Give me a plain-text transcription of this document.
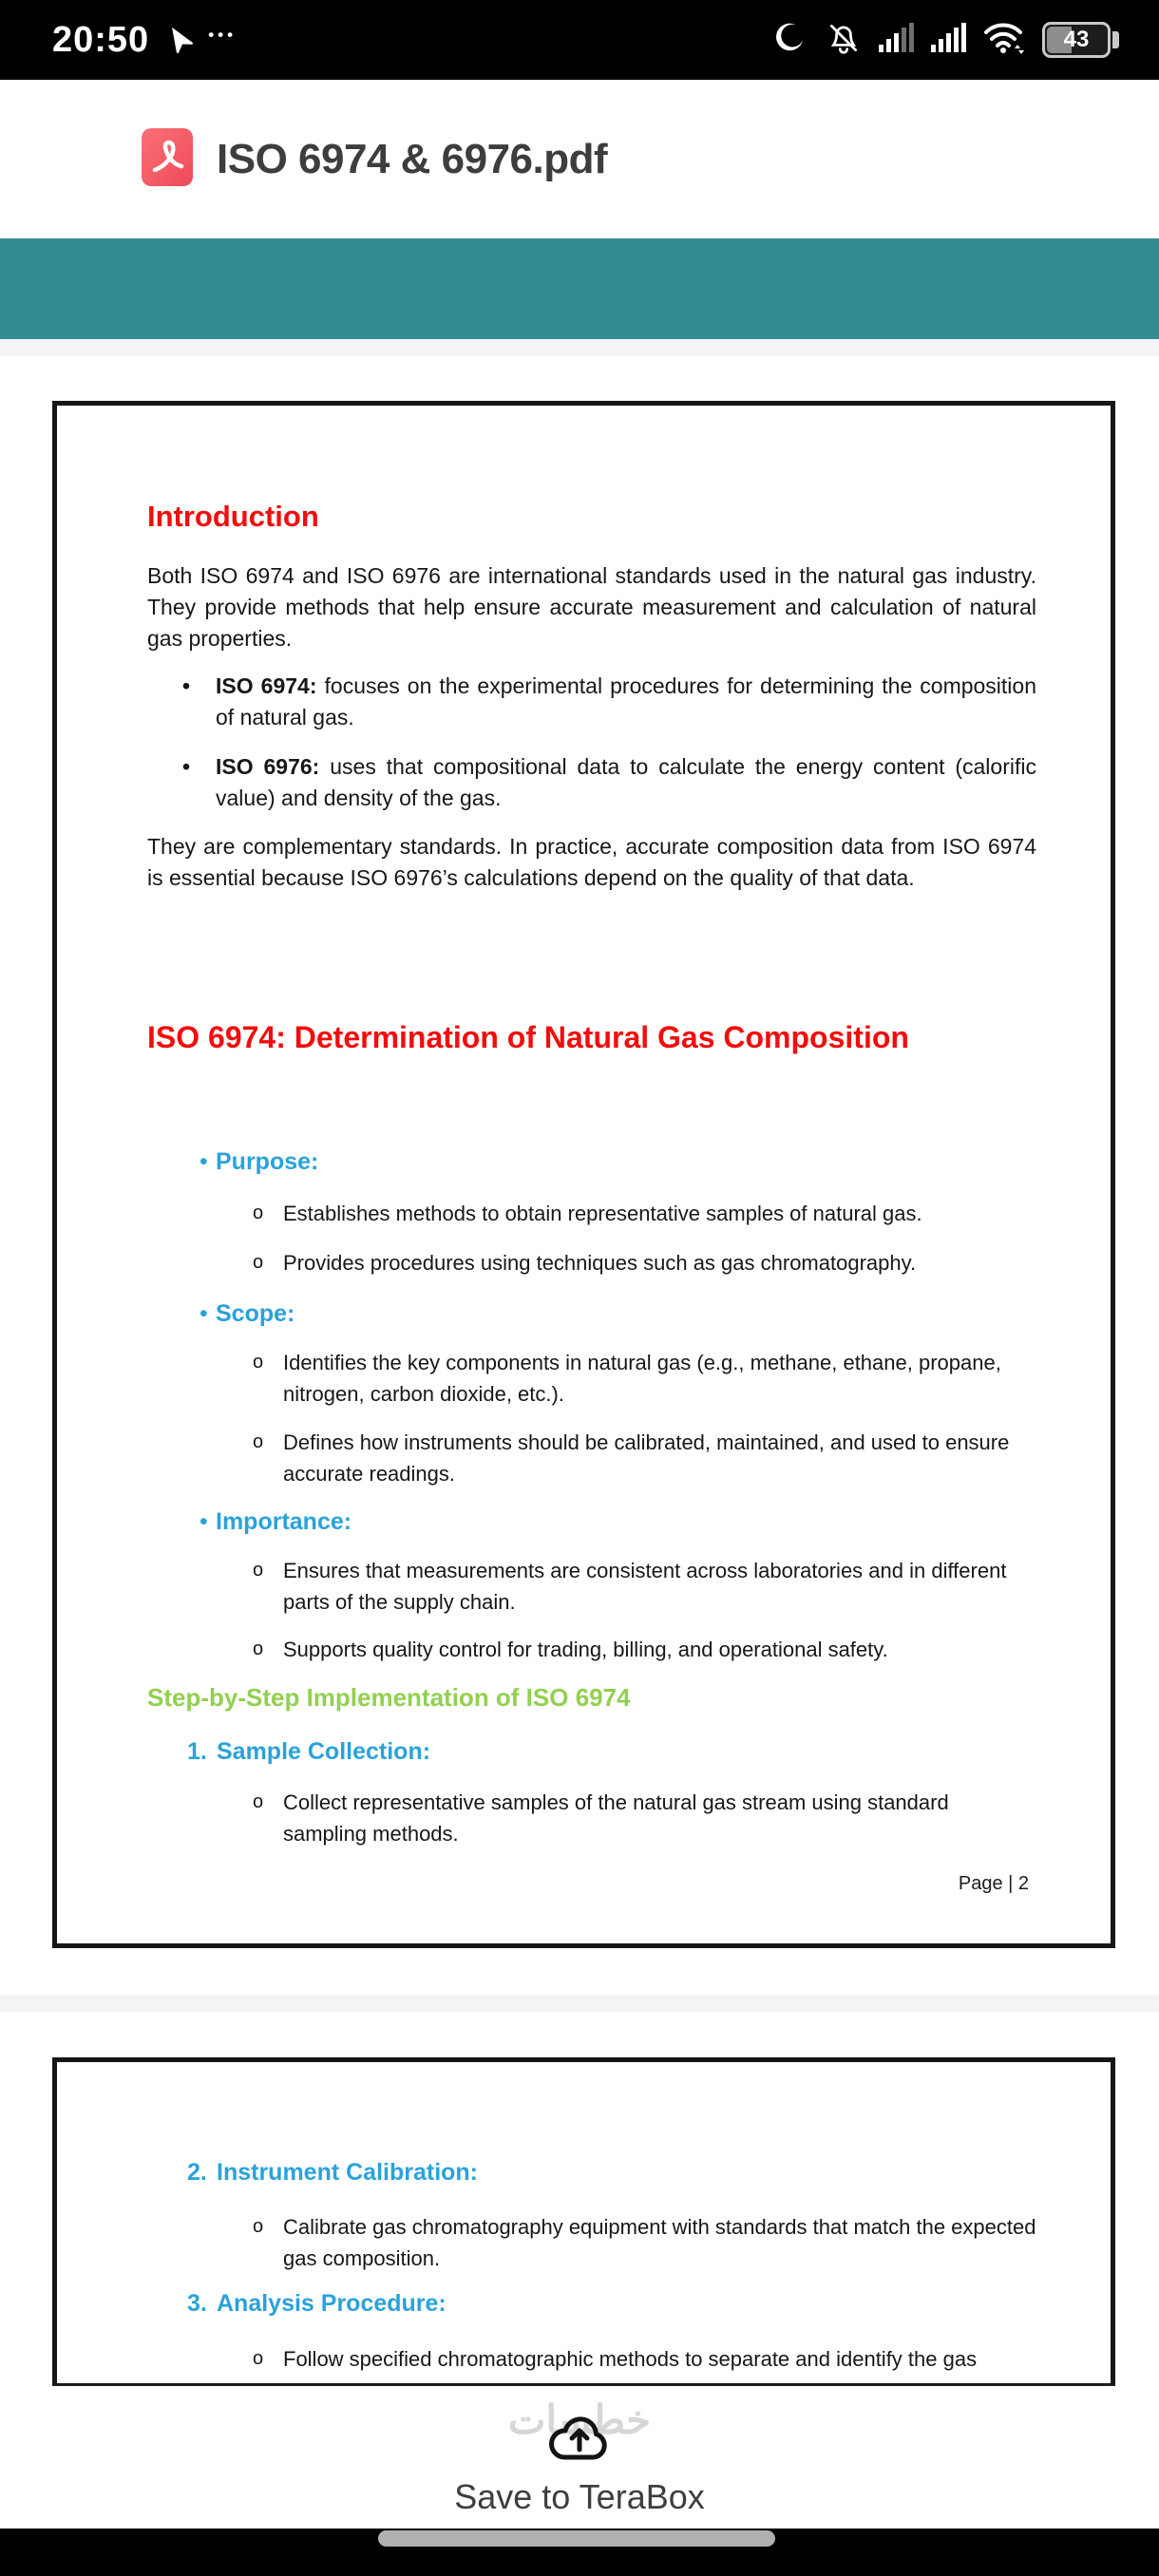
20:50	•••	43
ISO 6974 & 6976.pdf
Introduction
Both ISO 6974 and ISO 6976 are international standards used in the natural gas industry. They provide methods that help ensure accurate measurement and calculation of natural gas properties.
•
ISO 6974: focuses on the experimental procedures for determining the composition of natural gas.
•
ISO 6976: uses that compositional data to calculate the energy content (calorific value) and density of the gas.
They are complementary standards. In practice, accurate composition data from ISO 6974 is essential because ISO 6976’s calculations depend on the quality of that data.
ISO 6974: Determination of Natural Gas Composition
•
Purpose:
o
Establishes methods to obtain representative samples of natural gas.
o
Provides procedures using techniques such as gas chromatography.
•
Scope:
o
Identifies the key components in natural gas (e.g., methane, ethane, propane, nitrogen, carbon dioxide, etc.).
o
Defines how instruments should be calibrated, maintained, and used to ensure accurate readings.
•
Importance:
o
Ensures that measurements are consistent across laboratories and in different parts of the supply chain.
o
Supports quality control for trading, billing, and operational safety.
Step-by-Step Implementation of ISO 6974
1. Sample Collection:
o
Collect representative samples of the natural gas stream using standard sampling methods.
Page | 2
2. Instrument Calibration:
o
Calibrate gas chromatography equipment with standards that match the expected gas composition.
3. Analysis Procedure:
o
Follow specified chromatographic methods to separate and identify the gas
خطسات
Save to TeraBox
